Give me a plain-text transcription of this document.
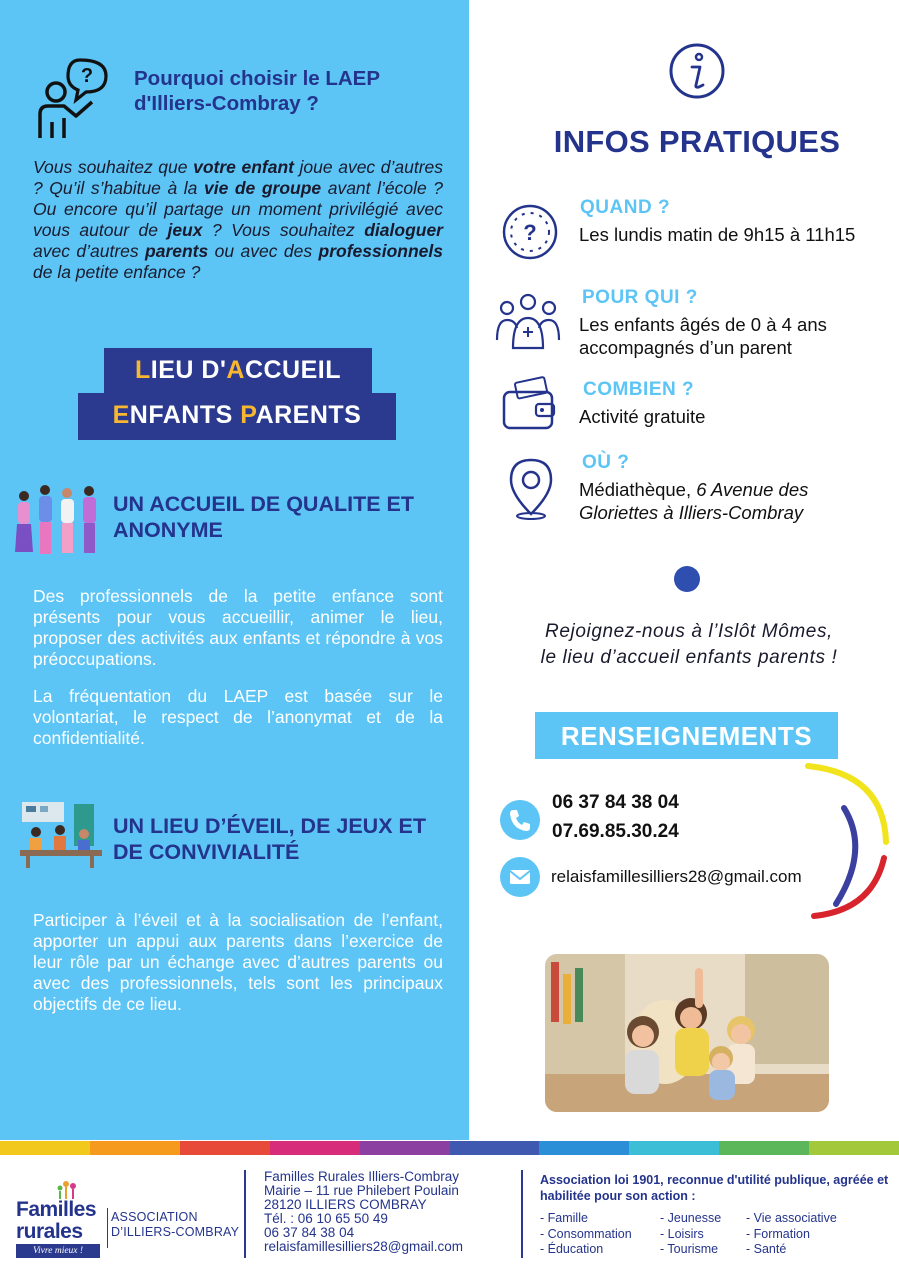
? Pourquoi choisir le LAEP d'Illiers-Combray ?

Vous souhaitez que votre enfant joue avec d’autres ? Qu’il s’habitue à la vie de groupe avant l’école ? Ou encore qu’il partage un moment privilégié avec vous autour de jeux ? Vous souhaitez dialoguer avec d’autres parents ou avec des professionnels de la petite enfance ?

LIEU D'ACCUEIL
ENFANTS PARENTS
UN ACCUEIL DE QUALITE ET ANONYME

Des professionnels de la petite enfance sont présents pour vous accueillir, animer le lieu, proposer des activités aux enfants et répondre à vos préoccupations.

La fréquentation du LAEP est basée sur le volontariat, le respect de l’anonymat et de la confidentialité.

UN LIEU D’ÉVEIL, DE JEUX ET DE CONVIVIALITÉ

Participer à l’éveil et à la socialisation de l’enfant, apporter un appui aux parents dans l’exercice de leur rôle par un échange avec d’autres parents ou avec des professionnels, tels sont les principaux objectifs de ce lieu.

INFOS PRATIQUES
?
QUAND ?
Les lundis matin de 9h15 à 11h15
POUR QUI ?
Les enfants âgés de 0 à 4 ans accompagnés d’un parent
COMBIEN ?
Activité gratuite
OÙ ?
Médiathèque, 6 Avenue des Gloriettes à Illiers-Combray
Rejoignez-nous à l’Islôt Mômes,
le lieu d’accueil enfants parents !
RENSEIGNEMENTS
06 37 84 38 04
07.69.85.30.24
relaisfamillesilliers28@gmail.com
Familles
rurales
Vivre mieux !
ASSOCIATION
D’ILLIERS-COMBRAY
Familles Rurales Illiers-Combray
Mairie – 11 rue Philebert Poulain
28120 ILLIERS COMBRAY
Tél. : 06 10 65 50 49
06 37 84 38 04
relaisfamillesilliers28@gmail.com
Association loi 1901, reconnue d'utilité publique, agréée et habilitée pour son action :
- Famille
- Consommation
- Éducation
- Jeunesse
- Loisirs
- Tourisme
- Vie associative
- Formation
- Santé
